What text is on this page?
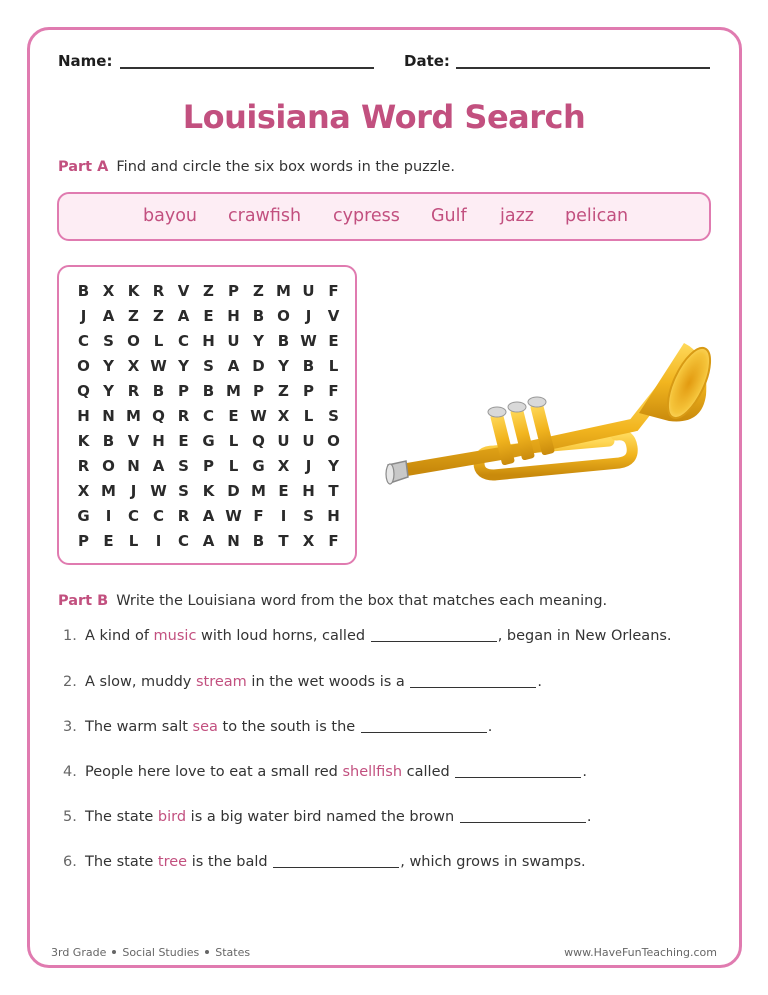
Name:	Date:
Louisiana Word Search
Part A Find and circle the six box words in the puzzle.
bayou crawfish cypress Gulf jazz pelican
B X K R V Z P Z M U F
J	A Z Z A E H B O	J	V
C S O L C H U Y B W E
O Y X W Y S A D Y B L
Q Y R B P B M P Z P F
H N M Q R C E W X L S
K B V H E G L Q U U O
R O N A S P L G X	J	Y
X M J W S K D M E H T
G	I	C C R A W F	I	S H
P E	L	I	C A N B T X F
Part B Write the Louisiana word from the box that matches each meaning.
1. A kind of music with loud horns, called	, began in New Orleans.
2. A slow, muddy stream in the wet woods is a	.
3. The warm salt sea to the south is the	.
4. People here love to eat a small red shellfish called	.
5. The state bird is a big water bird named the brown	.
6. The state tree is the bald	, which grows in swamps.
3rd Grade Social Studies States	www.HaveFunTeaching.com
